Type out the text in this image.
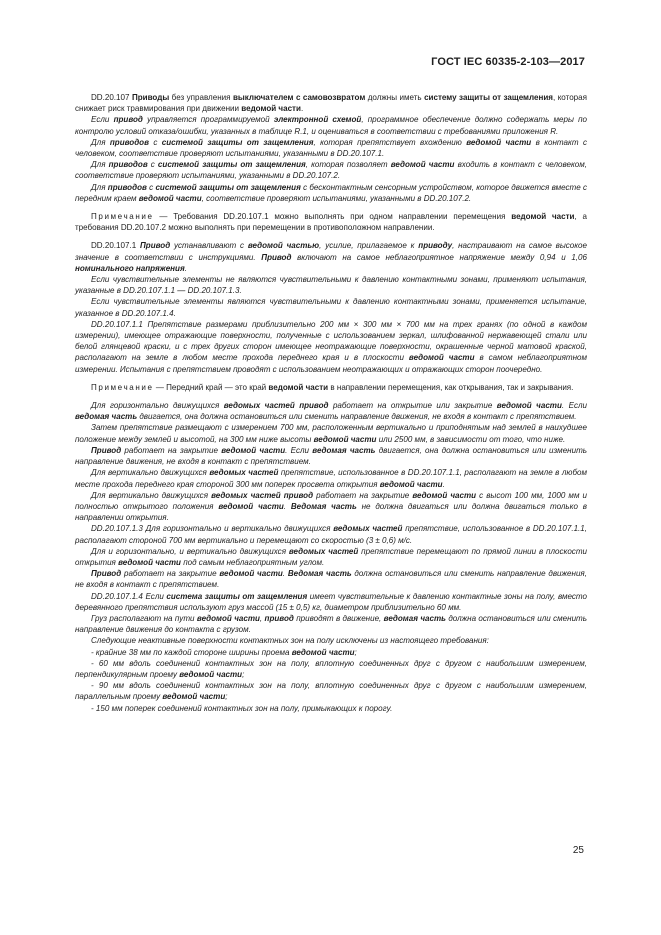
ГОСТ IEC 60335-2-103—2017

DD.20.107 Приводы без управления выключателем с самовозвратом должны иметь систему защиты от защемления, которая снижает риск травмирования при движении ведомой части.

Если привод управляется программируемой электронной схемой, программное обеспечение должно содержать меры по контролю условий отказа/ошибки, указанных в таблице R.1, и оцениваться в соответствии с требованиями приложения R.

Для приводов с системой защиты от защемления, которая препятствует вхождению ведомой части в контакт с человеком, соответствие проверяют испытаниями, указанными в DD.20.107.1.

Для приводов с системой защиты от защемления, которая позволяет ведомой части входить в контакт с человеком, соответствие проверяют испытаниями, указанными в DD.20.107.2.

Для приводов с системой защиты от защемления с бесконтактным сенсорным устройством, которое движется вместе с передним краем ведомой части, соответствие проверяют испытаниями, указанными в DD.20.107.2.

Примечание — Требования DD.20.107.1 можно выполнять при одном направлении перемещения ведомой части, а требования DD.20.107.2 можно выполнять при перемещении в противоположном направлении.

DD.20.107.1 Привод устанавливают с ведомой частью, усилие, прилагаемое к приводу, настраивают на самое высокое значение в соответствии с инструкциями. Привод включают на самое неблагоприятное напряжение между 0,94 и 1,06 номинального напряжения.

Если чувствительные элементы не являются чувствительными к давлению контактными зонами, применяют испытания, указанные в DD.20.107.1.1 — DD.20.107.1.3.

Если чувствительные элементы являются чувствительными к давлению контактными зонами, применяется испытание, указанное в DD.20.107.1.4.

DD.20.107.1.1 Препятствие размерами приблизительно 200 мм × 300 мм × 700 мм на трех гранях (по одной в каждом измерении), имеющее отражающие поверхности, полученные с использованием зеркал, шлифованной нержавеющей стали или белой глянцевой краски, и с трех других сторон имеющее неотражающие поверхности, окрашенные черной матовой краской, располагают на земле в любом месте прохода переднего края и в плоскости ведомой части в самом неблагоприятном измерении. Испытания с препятствием проводят с использованием неотражающих и отражающих сторон поочередно.

Примечание — Передний край — это край ведомой части в направлении перемещения, как открывания, так и закрывания.

Для горизонтально движущихся ведомых частей привод работает на открытие или закрытие ведомой части. Если ведомая часть двигается, она должна остановиться или сменить направление движения, не входя в контакт с препятствием.

Затем препятствие размещают с измерением 700 мм, расположенным вертикально и приподнятым над землей в наихудшее положение между землей и высотой, на 300 мм ниже высоты ведомой части или 2500 мм, в зависимости от того, что ниже.

Привод работает на закрытие ведомой части. Если ведомая часть двигается, она должна остановиться или изменить направление движения, не входя в контакт с препятствием.

Для вертикально движущихся ведомых частей препятствие, использованное в DD.20.107.1.1, располагают на земле в любом месте прохода переднего края стороной 300 мм поперек просвета открытия ведомой части.

Для вертикально движущихся ведомых частей привод работает на закрытие ведомой части с высот 100 мм, 1000 мм и полностью открытого положения ведомой части. Ведомая часть не должна двигаться или должна двигаться только в направлении открытия.

DD.20.107.1.3 Для горизонтально и вертикально движущихся ведомых частей препятствие, использованное в DD.20.107.1.1, располагают стороной 700 мм вертикально и перемещают со скоростью (3 ± 0,6) м/с.

Для и горизонтально, и вертикально движущихся ведомых частей препятствие перемещают по прямой линии в плоскости открытия ведомой части под самым неблагоприятным углом.

Привод работает на закрытие ведомой части. Ведомая часть должна остановиться или сменить направление движения, не входя в контакт с препятствием.

DD.20.107.1.4 Если система защиты от защемления имеет чувствительные к давлению контактные зоны на полу, вместо деревянного препятствия используют груз массой (15 ± 0,5) кг, диаметром приблизительно 60 мм.

Груз располагают на пути ведомой части, привод приводят в движение, ведомая часть должна остановиться или сменить направление движения до контакта с грузом.

Следующие неактивные поверхности контактных зон на полу исключены из настоящего требования:

- крайние 38 мм по каждой стороне ширины проема ведомой части;

- 60 мм вдоль соединений контактных зон на полу, вплотную соединенных друг с другом с наибольшим измерением, перпендикулярным проему ведомой части;

- 90 мм вдоль соединений контактных зон на полу, вплотную соединенных друг с другом с наибольшим измерением, параллельным проему ведомой части;

- 150 мм поперек соединений контактных зон на полу, примыкающих к порогу.

25
